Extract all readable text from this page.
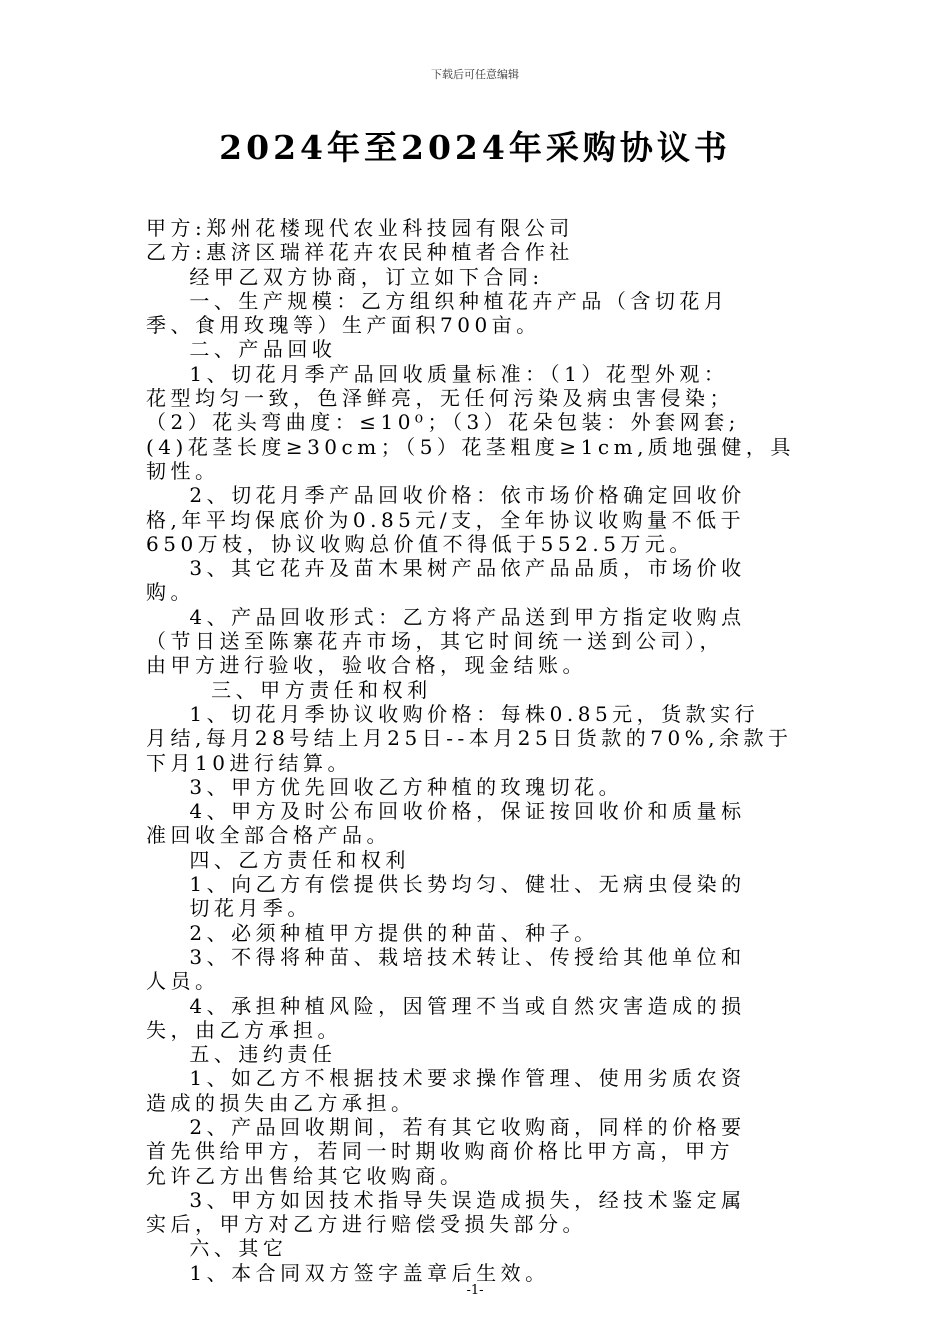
下载后可任意编辑
2024年至2024年采购协议书
甲方:郑州花楼现代农业科技园有限公司
乙方:惠济区瑞祥花卉农民种植者合作社
经甲乙双方协商，订立如下合同:
一、生产规模：乙方组织种植花卉产品（含切花月
季、食用玫瑰等）生产面积700亩。
二、产品回收
1、切花月季产品回收质量标准：（1）花型外观：
花型均匀一致，色泽鲜亮，无任何污染及病虫害侵染；
（2）花头弯曲度：≤10⁰；（3）花朵包装：外套网套;
(4)花茎长度≥30cm；（5）花茎粗度≥1cm,质地强健，具
韧性。
2、切花月季产品回收价格：依市场价格确定回收价
格,年平均保底价为0.85元/支，全年协议收购量不低于
650万枝，协议收购总价值不得低于552.5万元。
3、其它花卉及苗木果树产品依产品品质，市场价收
购。
4、产品回收形式：乙方将产品送到甲方指定收购点
（节日送至陈寨花卉市场，其它时间统一送到公司），
由甲方进行验收，验收合格，现金结账。
三、甲方责任和权利
1、切花月季协议收购价格：每株0.85元，货款实行
月结,每月28号结上月25日--本月25日货款的70%,余款于
下月10进行结算。
3、甲方优先回收乙方种植的玫瑰切花。
4、甲方及时公布回收价格，保证按回收价和质量标
准回收全部合格产品。
四、乙方责任和权利
1、向乙方有偿提供长势均匀、健壮、无病虫侵染的
切花月季。
2、必须种植甲方提供的种苗、种子。
3、不得将种苗、栽培技术转让、传授给其他单位和
人员。
4、承担种植风险，因管理不当或自然灾害造成的损
失，由乙方承担。
五、违约责任
1、如乙方不根据技术要求操作管理、使用劣质农资
造成的损失由乙方承担。
2、产品回收期间，若有其它收购商，同样的价格要
首先供给甲方，若同一时期收购商价格比甲方高，甲方
允许乙方出售给其它收购商。
3、甲方如因技术指导失误造成损失，经技术鉴定属
实后，甲方对乙方进行赔偿受损失部分。
六、其它
1、本合同双方签字盖章后生效。
-1-
